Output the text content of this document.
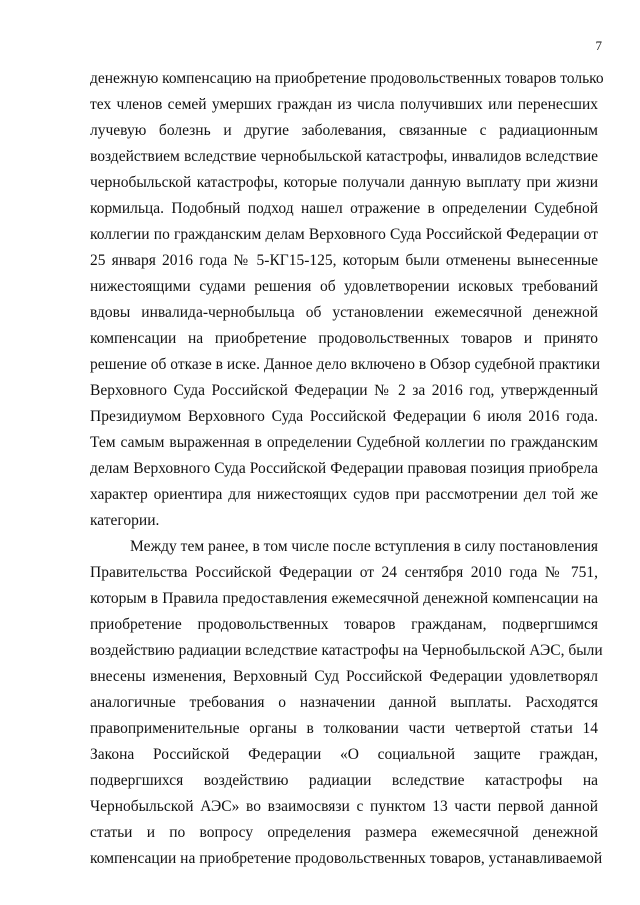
7
денежную компенсацию на приобретение продовольственных товаров только
тех членов семей умерших граждан из числа получивших или перенесших
лучевую болезнь и другие заболевания, связанные с радиационным
воздействием вследствие чернобыльской катастрофы, инвалидов вследствие
чернобыльской катастрофы, которые получали данную выплату при жизни
кормильца. Подобный подход нашел отражение в определении Судебной
коллегии по гражданским делам Верховного Суда Российской Федерации от
25 января 2016 года № 5-КГ15-125, которым были отменены вынесенные
нижестоящими судами решения об удовлетворении исковых требований
вдовы инвалида-чернобыльца об установлении ежемесячной денежной
компенсации на приобретение продовольственных товаров и принято
решение об отказе в иске. Данное дело включено в Обзор судебной практики
Верховного Суда Российской Федерации № 2 за 2016 год, утвержденный
Президиумом Верховного Суда Российской Федерации 6 июля 2016 года.
Тем самым выраженная в определении Судебной коллегии по гражданским
делам Верховного Суда Российской Федерации правовая позиция приобрела
характер ориентира для нижестоящих судов при рассмотрении дел той же
категории.
Между тем ранее, в том числе после вступления в силу постановления
Правительства Российской Федерации от 24 сентября 2010 года № 751,
которым в Правила предоставления ежемесячной денежной компенсации на
приобретение продовольственных товаров гражданам, подвергшимся
воздействию радиации вследствие катастрофы на Чернобыльской АЭС, были
внесены изменения, Верховный Суд Российской Федерации удовлетворял
аналогичные требования о назначении данной выплаты. Расходятся
правоприменительные органы в толковании части четвертой статьи 14
Закона Российской Федерации «О социальной защите граждан,
подвергшихся воздействию радиации вследствие катастрофы на
Чернобыльской АЭС» во взаимосвязи с пунктом 13 части первой данной
статьи и по вопросу определения размера ежемесячной денежной
компенсации на приобретение продовольственных товаров, устанавливаемой
